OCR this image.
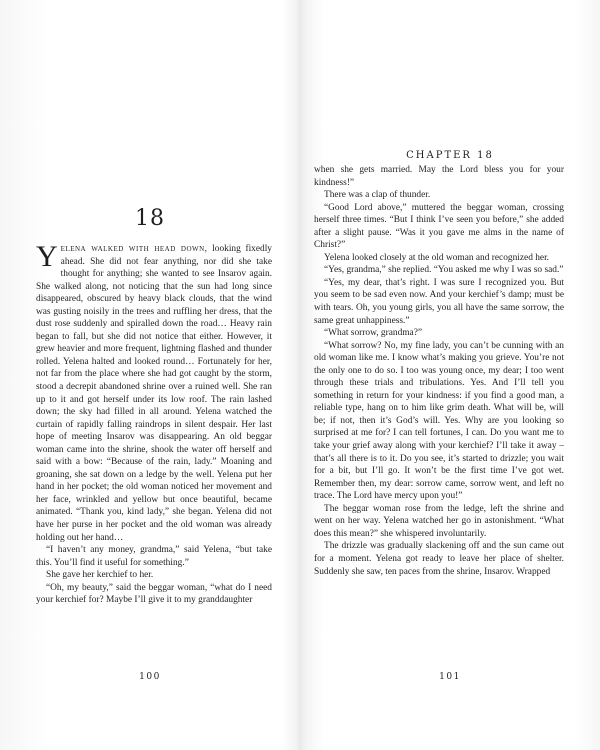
18

Yelena walked with head down, looking fixedly ahead. She did not fear anything, nor did she take thought for anything; she wanted to see Insarov again. She walked along, not noticing that the sun had long since disappeared, obscured by heavy black clouds, that the wind was gusting noisily in the trees and ruffling her dress, that the dust rose suddenly and spiralled down the road… Heavy rain began to fall, but she did not notice that either. However, it grew heavier and more frequent, lightning flashed and thunder rolled. Yelena halted and looked round… Fortunately for her, not far from the place where she had got caught by the storm, stood a decrepit abandoned shrine over a ruined well. She ran up to it and got herself under its low roof. The rain lashed down; the sky had filled in all around. Yelena watched the curtain of rapidly falling raindrops in silent despair. Her last hope of meeting Insarov was disappearing. An old beggar woman came into the shrine, shook the water off herself and said with a bow: “Because of the rain, lady.” Moaning and groaning, she sat down on a ledge by the well. Yelena put her hand in her pocket; the old woman noticed her movement and her face, wrinkled and yellow but once beautiful, became animated. “Thank you, kind lady,” she began. Yelena did not have her purse in her pocket and the old woman was already holding out her hand…

“I haven’t any money, grandma,” said Yelena, “but take this. You’ll find it useful for something.”

She gave her kerchief to her.

“Oh, my beauty,” said the beggar woman, “what do I need your kerchief for? Maybe I’ll give it to my granddaughter

100
CHAPTER 18

when she gets married. May the Lord bless you for your kindness!”

There was a clap of thunder.

“Good Lord above,” muttered the beggar woman, crossing herself three times. “But I think I’ve seen you before,” she added after a slight pause. “Was it you gave me alms in the name of Christ?”

Yelena looked closely at the old woman and recognized her.

“Yes, grandma,” she replied. “You asked me why I was so sad.”

“Yes, my dear, that’s right. I was sure I recognized you. But you seem to be sad even now. And your kerchief’s damp; must be with tears. Oh, you young girls, you all have the same sorrow, the same great unhappiness.”

“What sorrow, grandma?”

“What sorrow? No, my fine lady, you can’t be cunning with an old woman like me. I know what’s making you grieve. You’re not the only one to do so. I too was young once, my dear; I too went through these trials and tribulations. Yes. And I’ll tell you something in return for your kindness: if you find a good man, a reliable type, hang on to him like grim death. What will be, will be; if not, then it’s God’s will. Yes. Why are you looking so surprised at me for? I can tell fortunes, I can. Do you want me to take your grief away along with your kerchief? I’ll take it away – that’s all there is to it. Do you see, it’s started to drizzle; you wait for a bit, but I’ll go. It won’t be the first time I’ve got wet. Remember then, my dear: sorrow came, sorrow went, and left no trace. The Lord have mercy upon you!”

The beggar woman rose from the ledge, left the shrine and went on her way. Yelena watched her go in astonishment. “What does this mean?” she whispered involuntarily.

The drizzle was gradually slackening off and the sun came out for a moment. Yelena got ready to leave her place of shelter. Suddenly she saw, ten paces from the shrine, Insarov. Wrapped

101
